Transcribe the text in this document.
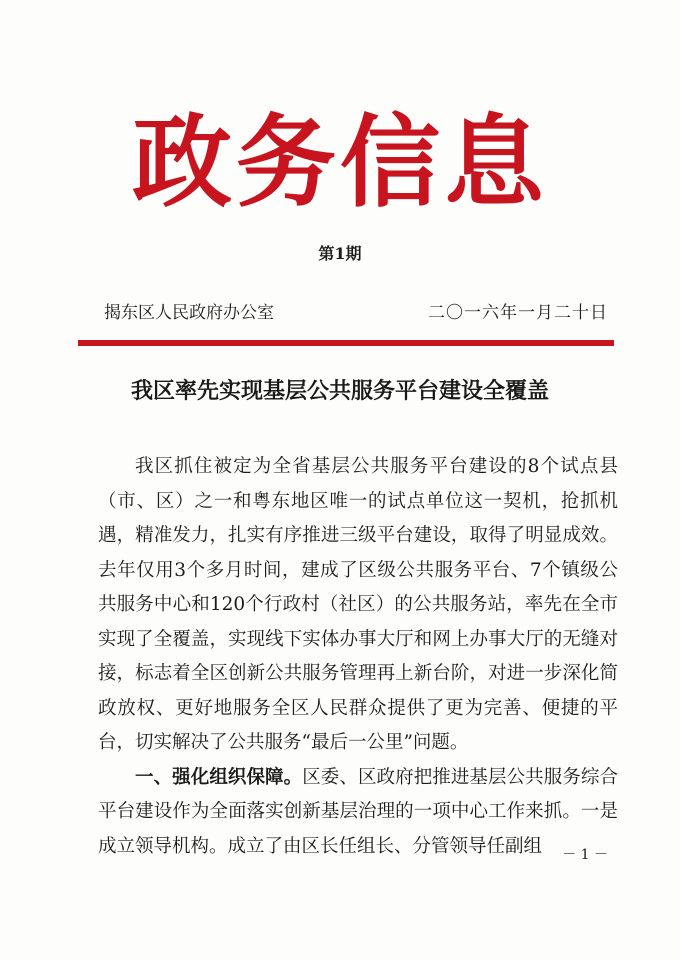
政务信息
第1期
揭东区人民政府办公室	二〇一六年一月二十日
我区率先实现基层公共服务平台建设全覆盖

我区抓住被定为全省基层公共服务平台建设的8个试点县（市、区）之一和粤东地区唯一的试点单位这一契机，抢抓机遇，精准发力，扎实有序推进三级平台建设，取得了明显成效。去年仅用3个多月时间，建成了区级公共服务平台、7个镇级公共服务中心和120个行政村（社区）的公共服务站，率先在全市实现了全覆盖，实现线下实体办事大厅和网上办事大厅的无缝对接，标志着全区创新公共服务管理再上新台阶，对进一步深化简政放权、更好地服务全区人民群众提供了更为完善、便捷的平台，切实解决了公共服务“最后一公里”问题。

一、强化组织保障。区委、区政府把推进基层公共服务综合平台建设作为全面落实创新基层治理的一项中心工作来抓。一是成立领导机构。成立了由区长任组长、分管领导任副组	－ 1 －
